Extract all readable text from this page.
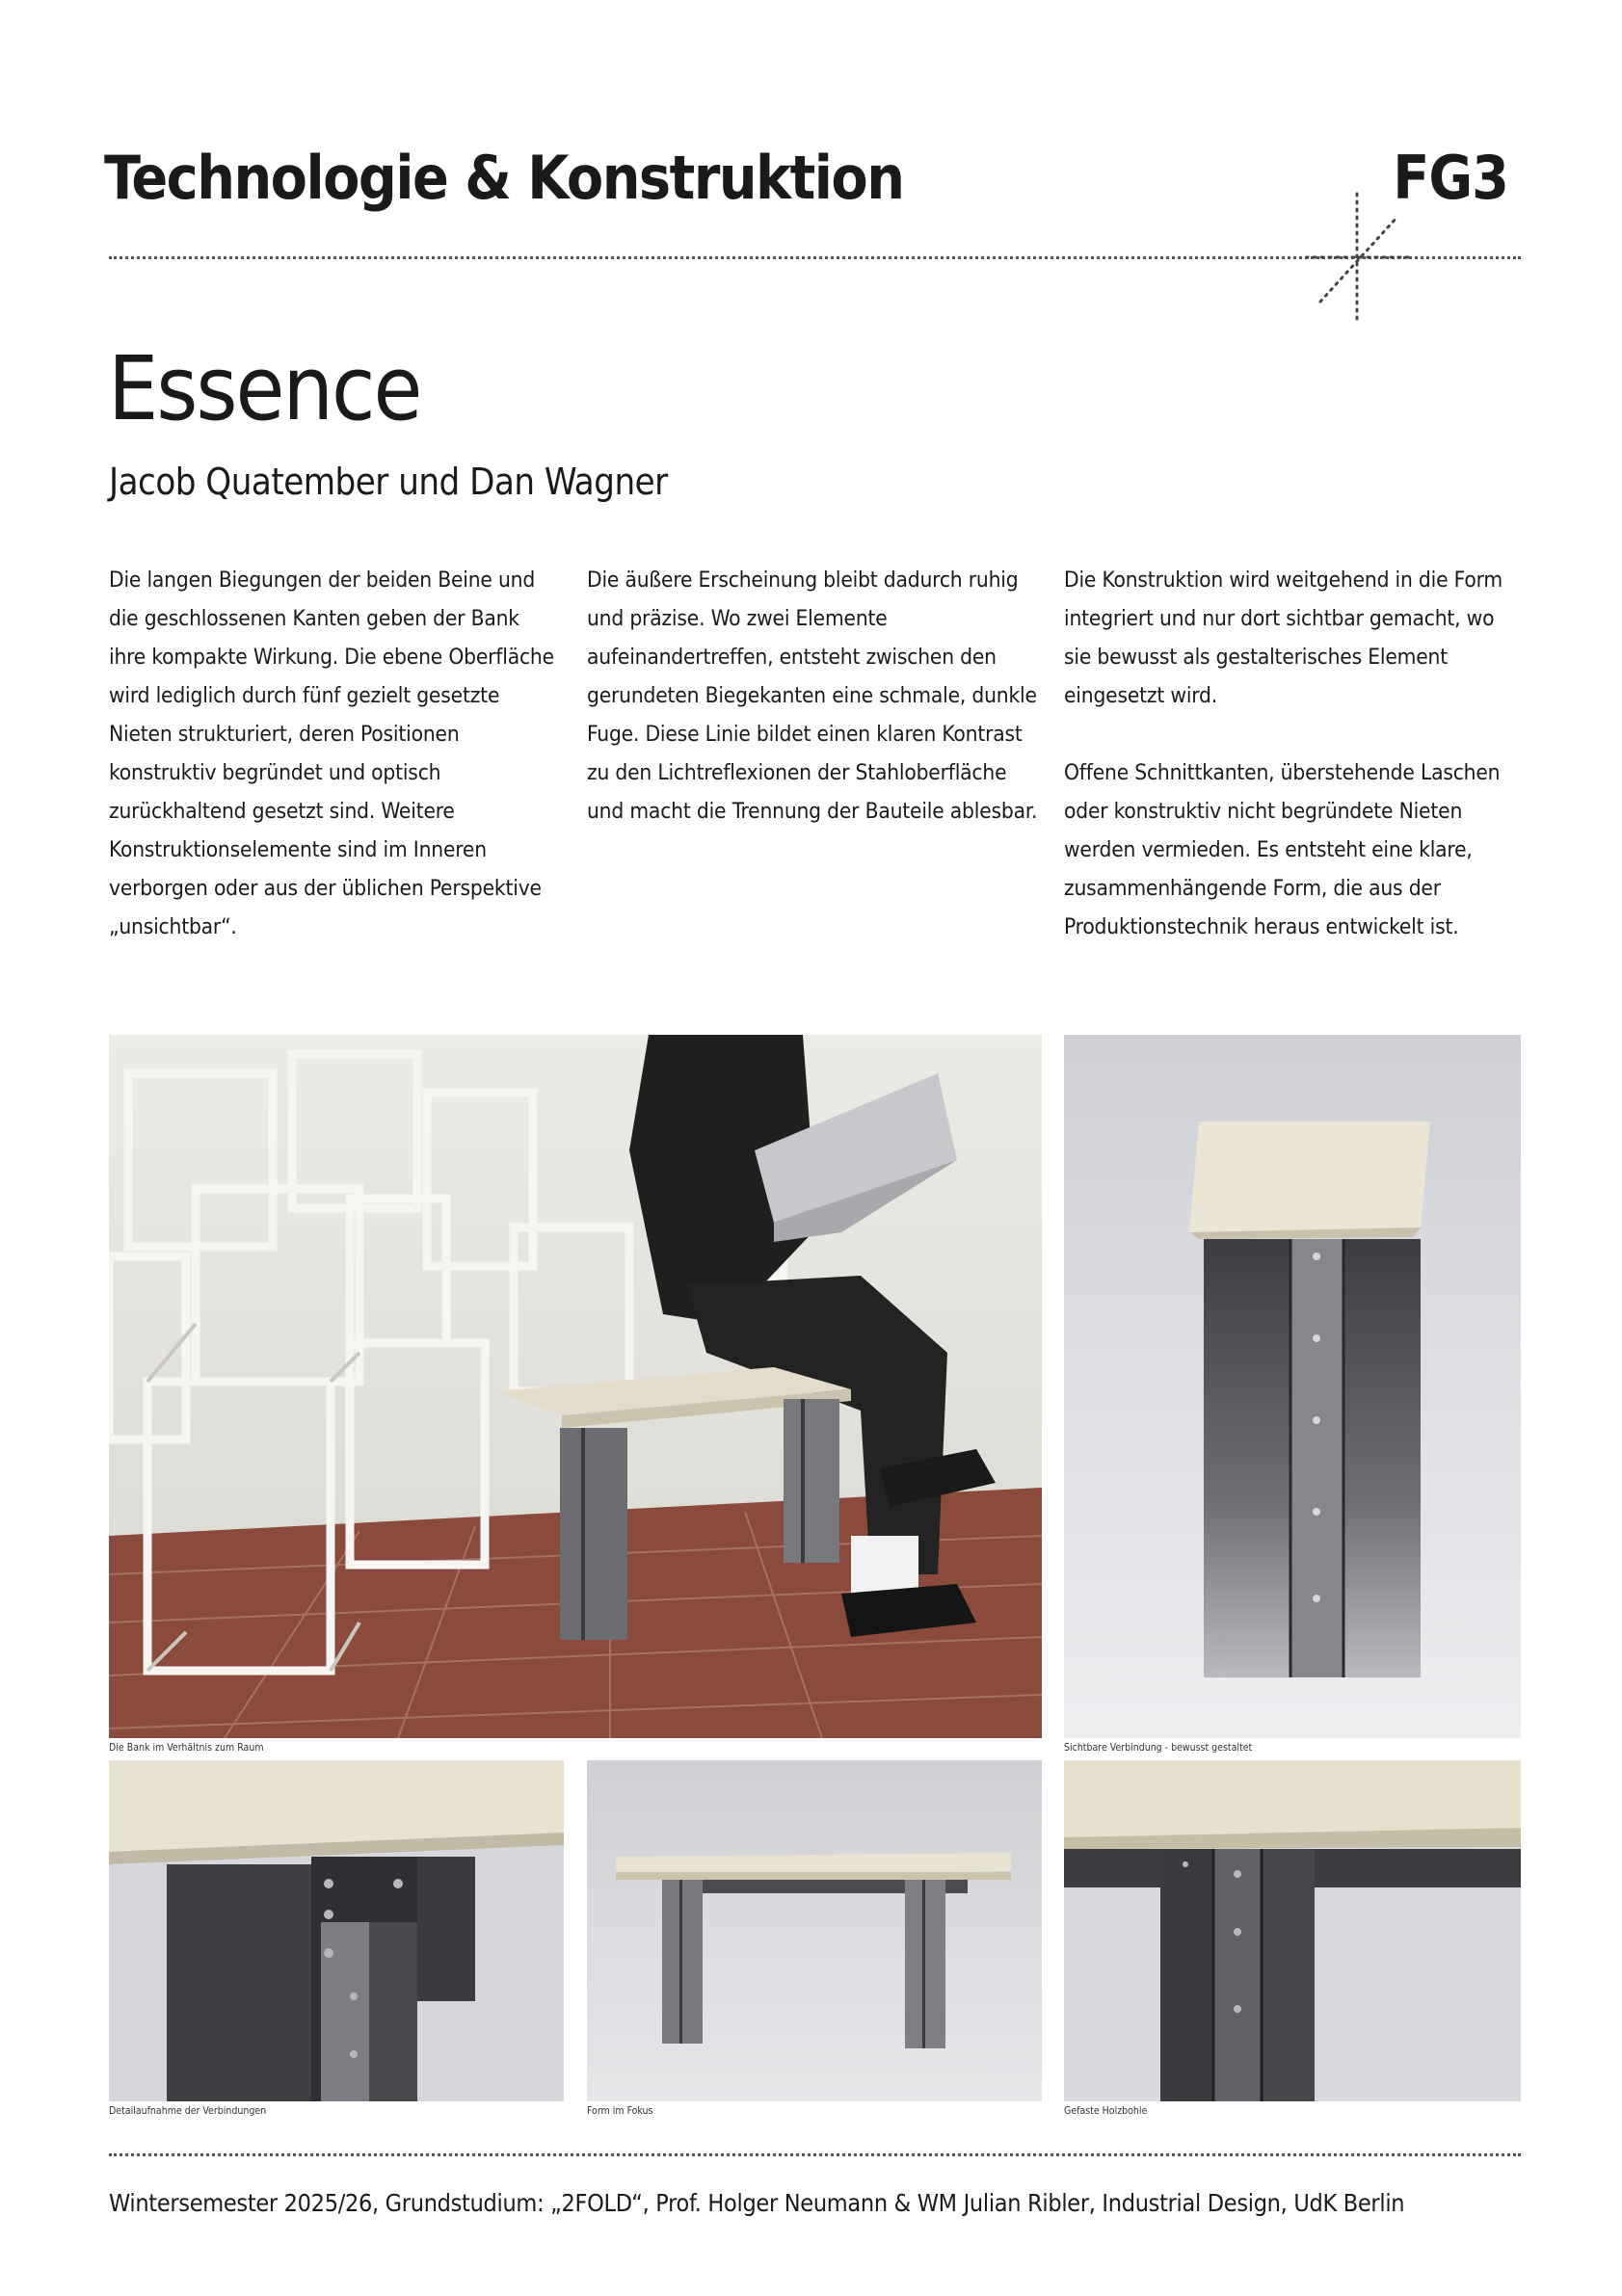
Technologie & Konstruktion	FG3
Essence
Jacob Quatember und Dan Wagner

Die langen Biegungen der beiden Beine und die geschlossenen Kanten geben der Bank ihre kompakte Wirkung. Die ebene Oberfläche wird lediglich durch fünf gezielt gesetzte Nieten strukturiert, deren Positionen konstruktiv begründet und optisch zurückhaltend gesetzt sind. Weitere Konstruktionselemente sind im Inneren verborgen oder aus der üblichen Perspektive „unsichtbar“.

Die äußere Erscheinung bleibt dadurch ruhig und präzise. Wo zwei Elemente aufeinandertreffen, entsteht zwischen den gerundeten Biegekanten eine schmale, dunkle Fuge. Diese Linie bildet einen klaren Kontrast zu den Lichtreflexionen der Stahloberfläche und macht die Trennung der Bauteile ablesbar.

Die Konstruktion wird weitgehend in die Form integriert und nur dort sichtbar gemacht, wo sie bewusst als gestalterisches Element eingesetzt wird.

Offene Schnittkanten, überstehende Laschen oder konstruktiv nicht begründete Nieten werden vermieden. Es entsteht eine klare, zusammenhängende Form, die aus der Produktionstechnik heraus entwickelt ist.

Die Bank im Verhältnis zum Raum	Sichtbare Verbindung - bewusst gestaltet
Detailaufnahme der Verbindungen	Form im Fokus	Gefaste Holzbohle
Wintersemester 2025/26, Grundstudium: „2FOLD“, Prof. Holger Neumann & WM Julian Ribler, Industrial Design, UdK Berlin
